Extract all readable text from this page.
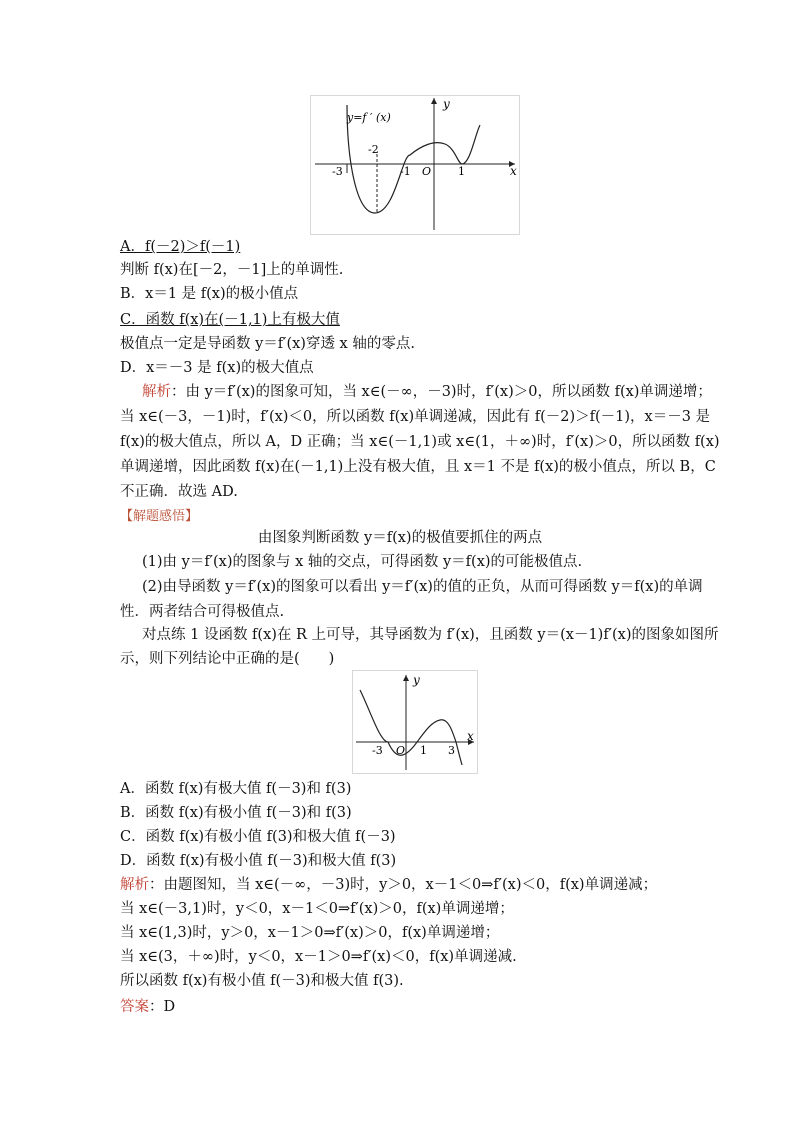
y
x
y=f ′ (x)
O
-3
-2
-1	1
A．f(－2)＞f(－1)
判断 f(x)在[－2，－1]上的单调性.
B．x＝1 是 f(x)的极小值点
C．函数 f(x)在(－1,1)上有极大值
极值点一定是导函数 y＝f′(x)穿透 x 轴的零点.
D．x＝－3 是 f(x)的极大值点
解析：由 y＝f′(x)的图象可知，当 x∈(－∞，－3)时，f′(x)＞0，所以函数 f(x)单调递增；
当 x∈(－3，－1)时，f′(x)＜0，所以函数 f(x)单调递减，因此有 f(－2)＞f(－1)，x＝－3 是
f(x)的极大值点，所以 A，D 正确；当 x∈(－1,1)或 x∈(1，＋∞)时，f′(x)＞0，所以函数 f(x)
单调递增，因此函数 f(x)在(－1,1)上没有极大值，且 x＝1 不是 f(x)的极小值点，所以 B，C
不正确．故选 AD.
【解题感悟】
由图象判断函数 y＝f(x)的极值要抓住的两点
(1)由 y＝f′(x)的图象与 x 轴的交点，可得函数 y＝f(x)的可能极值点.
(2)由导函数 y＝f′(x)的图象可以看出 y＝f′(x)的值的正负，从而可得函数 y＝f(x)的单调
性．两者结合可得极值点.
对点练 1 设函数 f(x)在 R 上可导，其导函数为 f′(x)，且函数 y＝(x－1)f′(x)的图象如图所
示，则下列结论中正确的是(　　)
y
x
O
-3	1 3
A．函数 f(x)有极大值 f(－3)和 f(3)
B．函数 f(x)有极小值 f(－3)和 f(3)
C．函数 f(x)有极小值 f(3)和极大值 f(－3)
D．函数 f(x)有极小值 f(－3)和极大值 f(3)
解析：由题图知，当 x∈(－∞，－3)时，y＞0，x－1＜0⇒f′(x)＜0，f(x)单调递减；
当 x∈(－3,1)时，y＜0，x－1＜0⇒f′(x)＞0，f(x)单调递增；
当 x∈(1,3)时，y＞0，x－1＞0⇒f′(x)＞0，f(x)单调递增；
当 x∈(3，＋∞)时，y＜0，x－1＞0⇒f′(x)＜0，f(x)单调递减.
所以函数 f(x)有极小值 f(－3)和极大值 f(3).
答案：D
